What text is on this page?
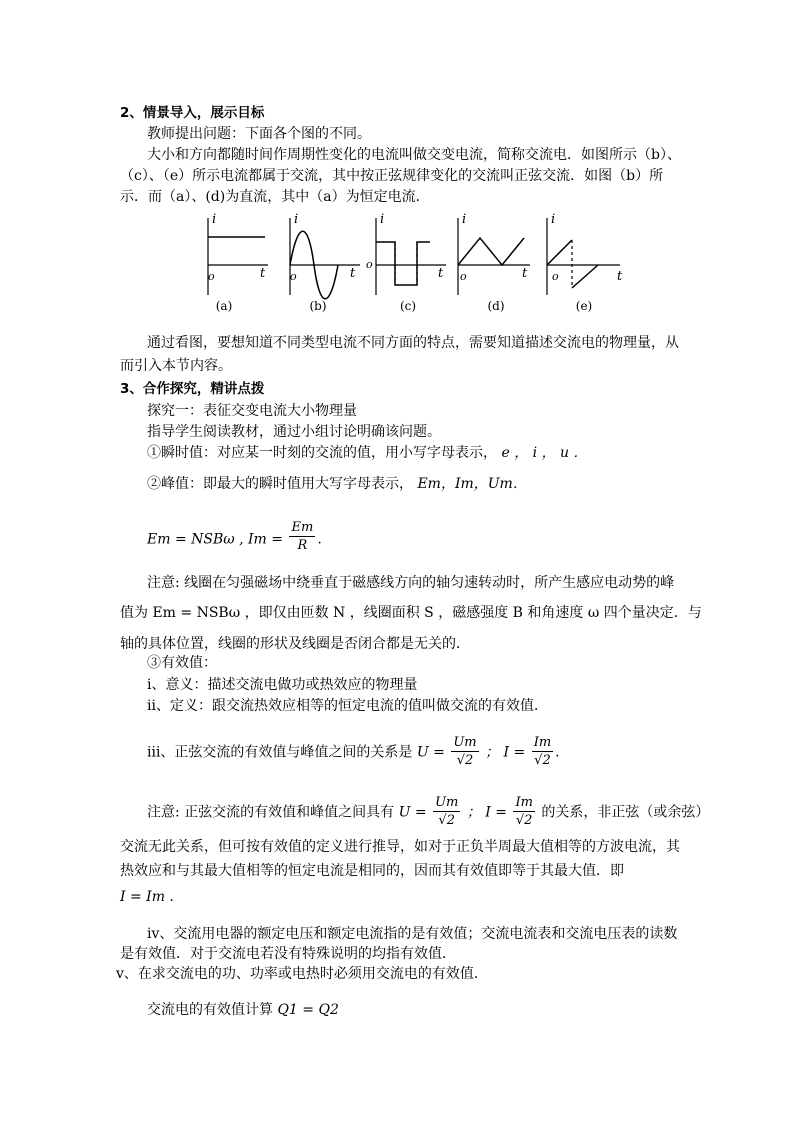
2、情景导入，展示目标
教师提出问题：下面各个图的不同。
大小和方向都随时间作周期性变化的电流叫做交变电流，简称交流电．如图所示（b）、
（c）、（e）所示电流都属于交流，其中按正弦规律变化的交流叫正弦交流．如图（b）所
示．而（a）、(d)为直流，其中（a）为恒定电流．
i
o	t
i
o	t
i
o
t
i
o	t
i
o	t
(a)	(b)	(c)	(d)	(e)
通过看图，要想知道不同类型电流不同方面的特点，需要知道描述交流电的物理量，从
而引入本节内容。
3、合作探究，精讲点拨
探究一：表征交变电流大小物理量
指导学生阅读教材，通过小组讨论明确该问题。
①瞬时值：对应某一时刻的交流的值，用小写字母表示， e ， i ， u ．
②峰值：即最大的瞬时值用大写字母表示， Em，Im，Um．
Em = NSBω , $Im = \frac{Em}{R}$ .
注意: 线圈在匀强磁场中绕垂直于磁感线方向的轴匀速转动时，所产生感应电动势的峰
值为 Em = NSBω ，即仅由匝数 N ，线圈面积 S ，磁感强度 B 和角速度 ω 四个量决定．与
轴的具体位置，线圈的形状及线圈是否闭合都是无关的．
③有效值：
ⅰ、意义：描述交流电做功或热效应的物理量
ⅱ、定义：跟交流热效应相等的恒定电流的值叫做交流的有效值．
ⅲ、正弦交流的有效值与峰值之间的关系是 $U = \frac{Um}{√2}$ ； $I = \frac{Im}{√2}$ .
注意: 正弦交流的有效值和峰值之间具有 $U = \frac{Um}{√2}$ ； $I = \frac{Im}{√2}$ 的关系，非正弦（或余弦）
交流无此关系，但可按有效值的定义进行推导，如对于正负半周最大值相等的方波电流，其
热效应和与其最大值相等的恒定电流是相同的，因而其有效值即等于其最大值．即
I = Im .
ⅳ、交流用电器的额定电压和额定电流指的是有效值；交流电流表和交流电压表的读数
是有效值．对于交流电若没有特殊说明的均指有效值．
ⅴ、在求交流电的功、功率或电热时必须用交流电的有效值．
交流电的有效值计算 Q1 = Q2
